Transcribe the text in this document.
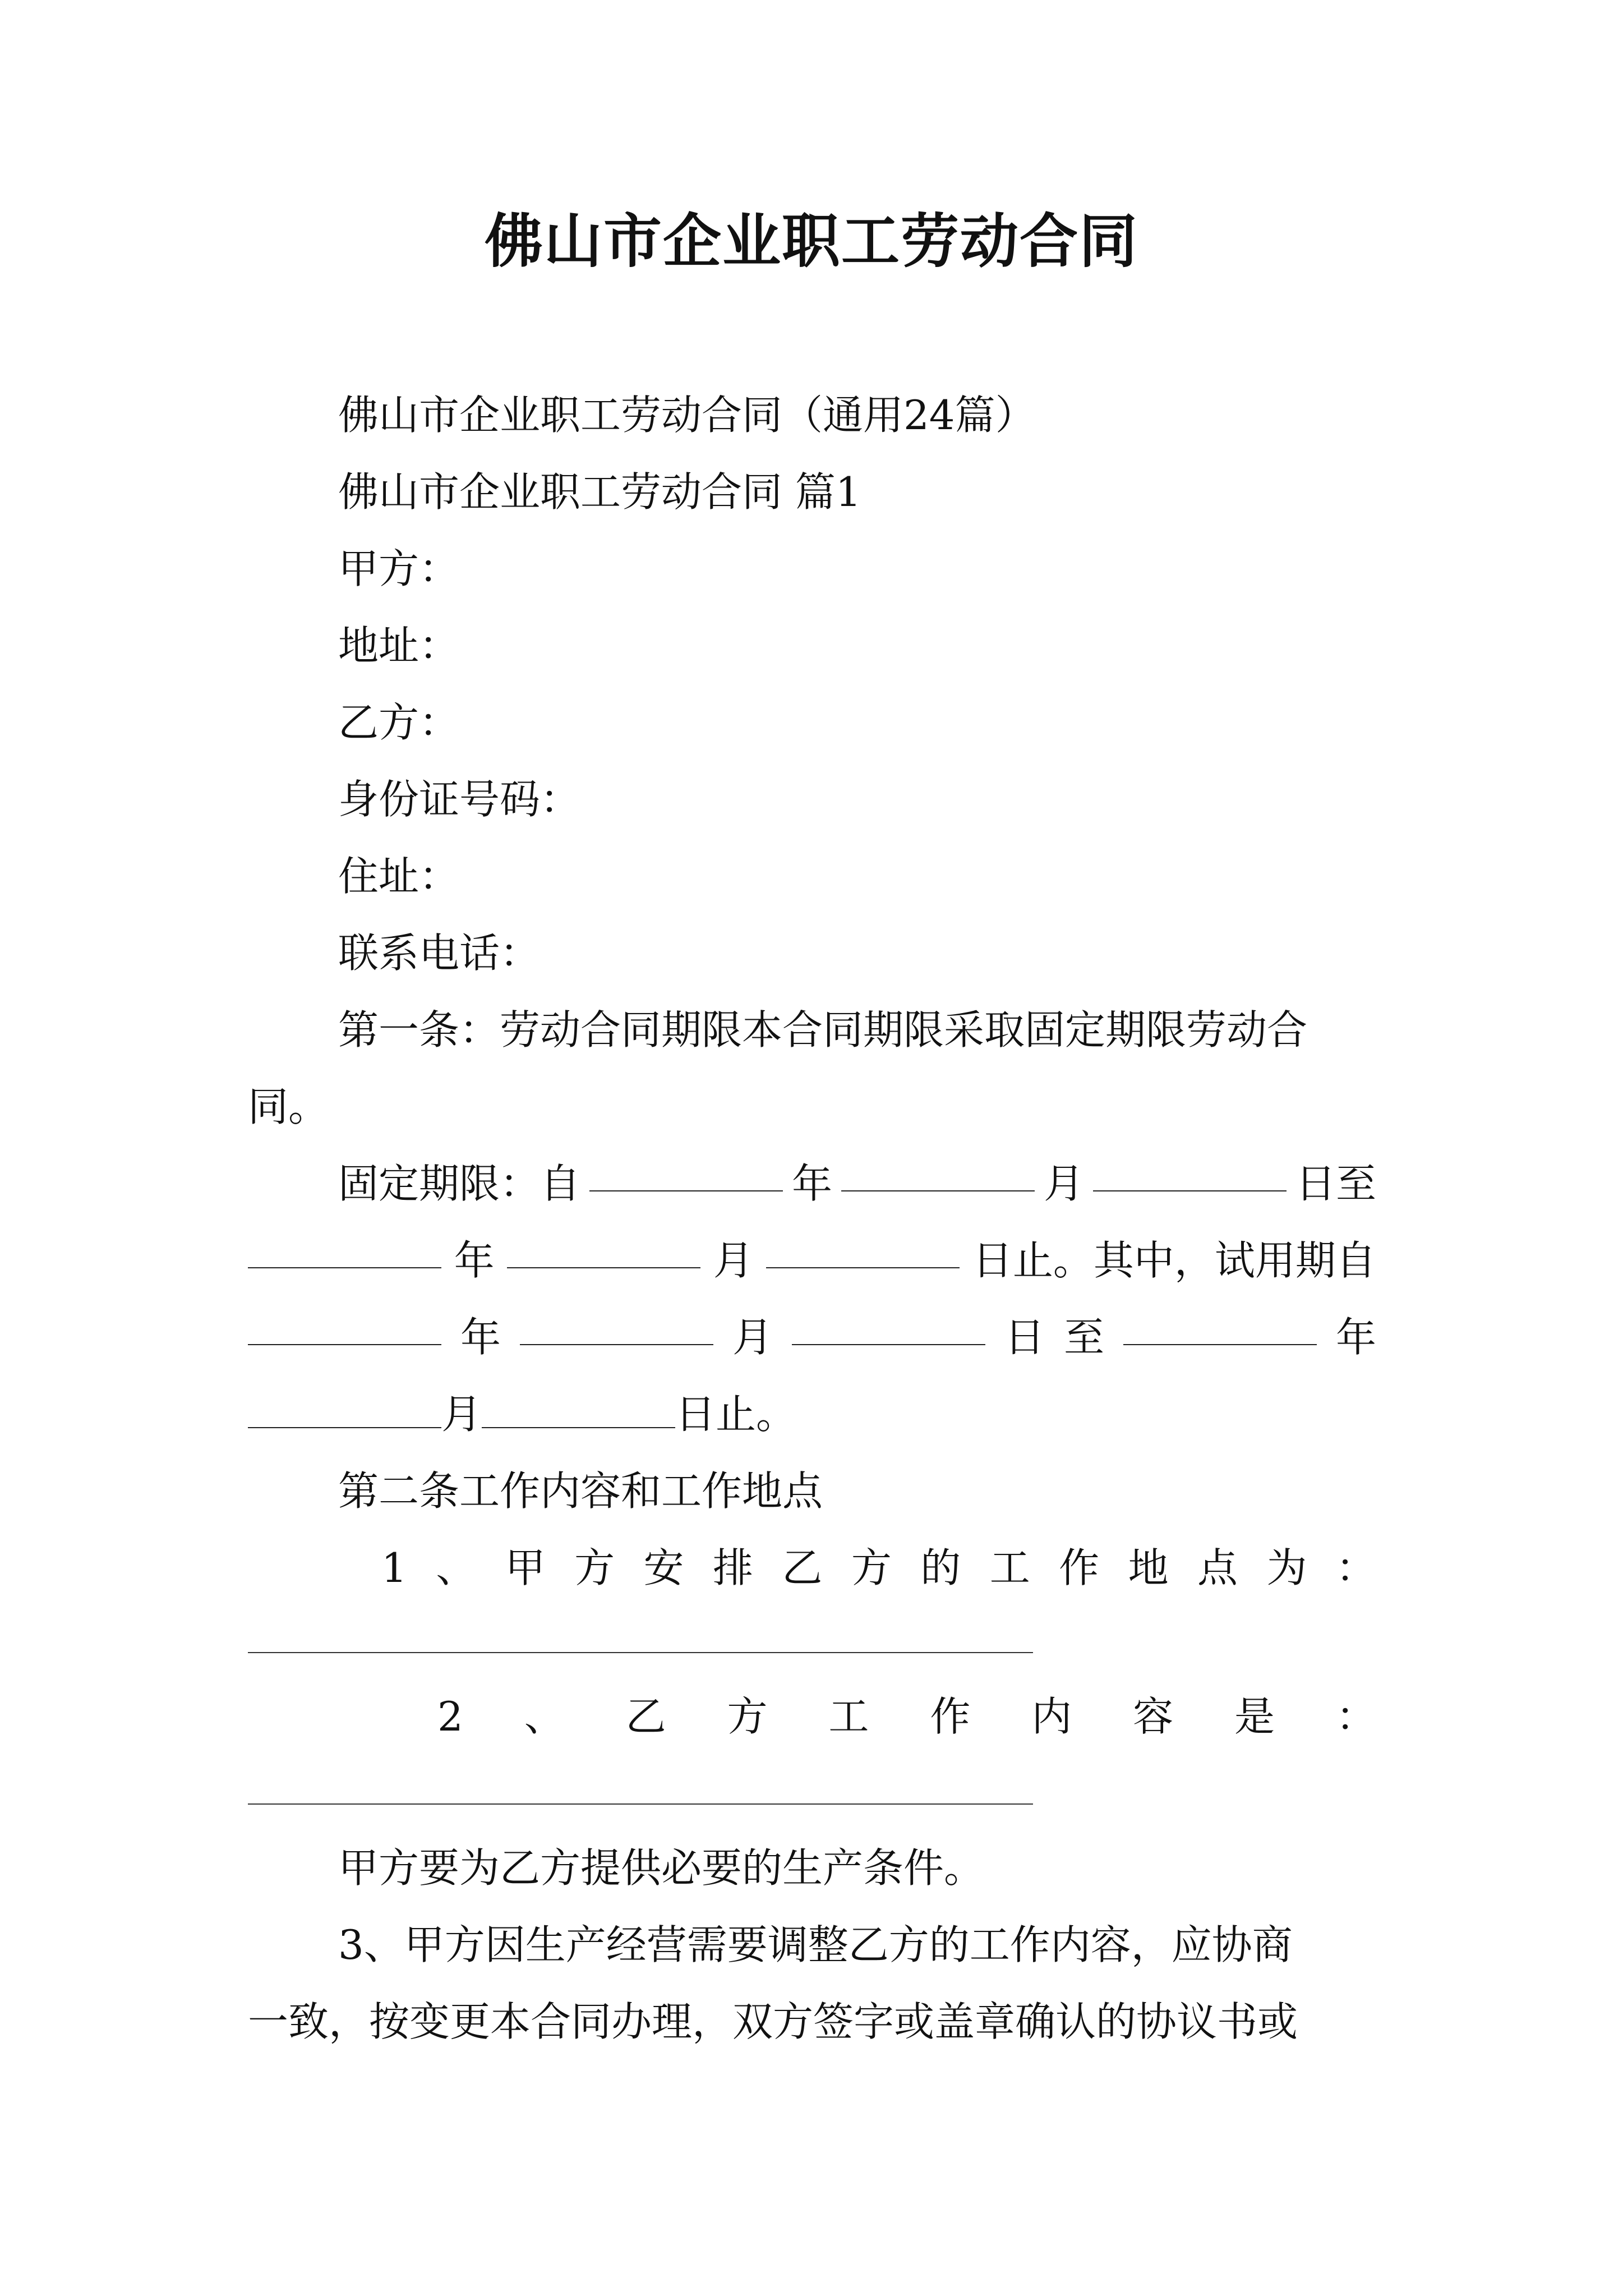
佛山市企业职工劳动合同
佛山市企业职工劳动合同（通用24篇）
佛山市企业职工劳动合同 篇1
甲方：
地址：
乙方：
身份证号码：
住址：
联系电话：
第一条：劳动合同期限本合同期限采取固定期限劳动合
同。
固定期限：自	年	月	日至
年	月	日止。其中，试用期自
年	月	日 至	年
月	日止。
第二条工作内容和工作地点
1 、 甲 方 安 排 乙 方 的 工 作 地 点 为 ：
2 、 乙 方 工 作 内 容 是 ：
甲方要为乙方提供必要的生产条件。
3、甲方因生产经营需要调整乙方的工作内容，应协商
一致，按变更本合同办理，双方签字或盖章确认的协议书或
